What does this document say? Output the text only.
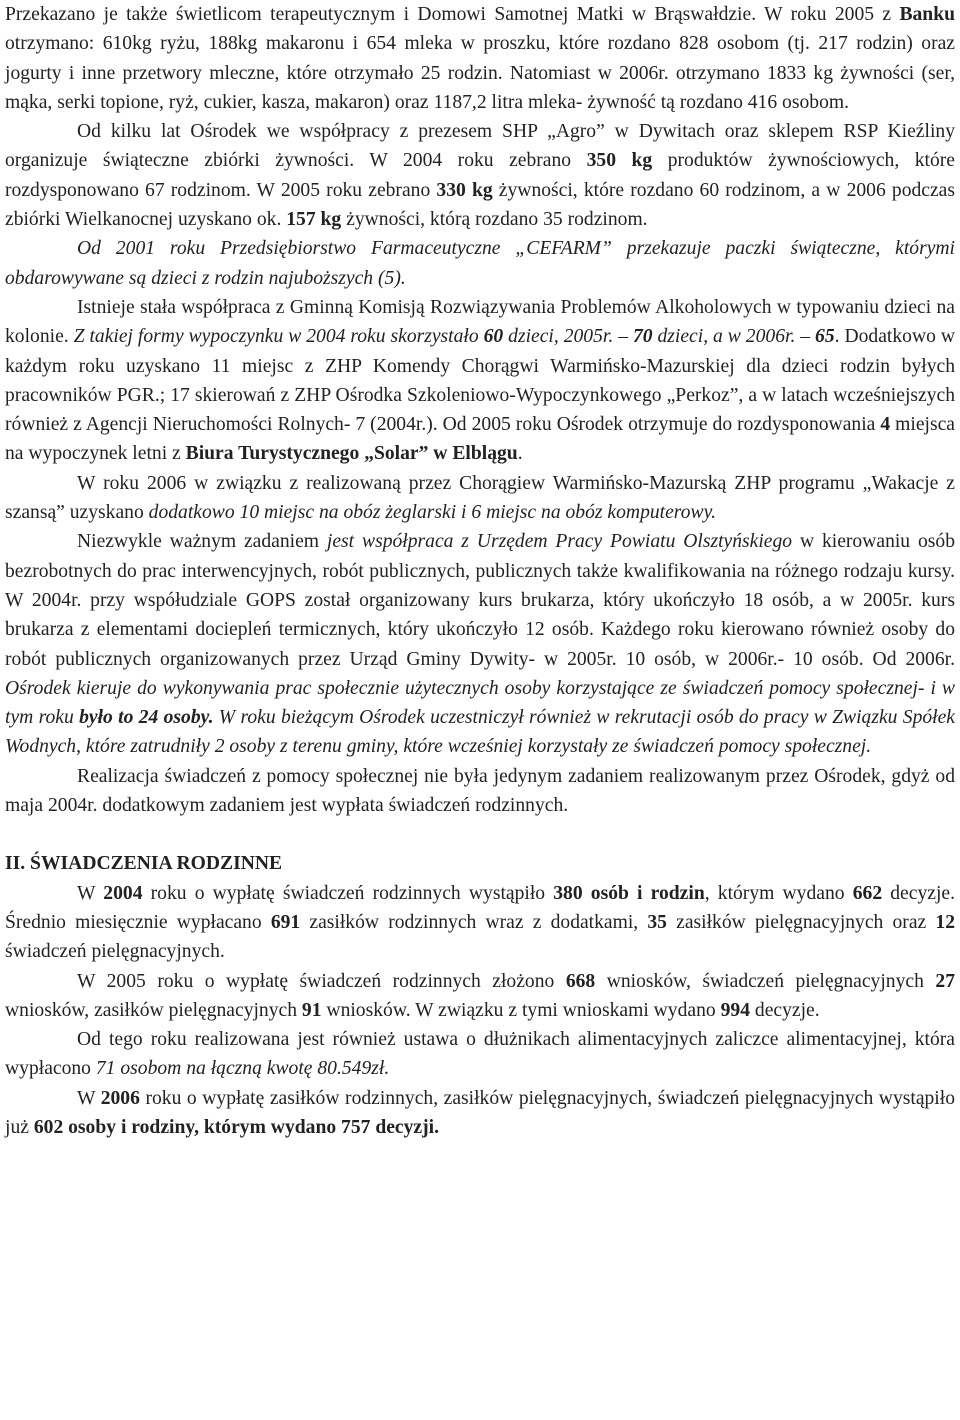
Przekazano je także świetlicom terapeutycznym i Domowi Samotnej Matki w Brąswałdzie. W roku 2005 z Banku otrzymano: 610kg ryżu, 188kg makaronu i 654 mleka w proszku, które rozdano 828 osobom (tj. 217 rodzin) oraz jogurty i inne przetwory mleczne, które otrzymało 25 rodzin. Natomiast w 2006r. otrzymano 1833 kg żywności (ser, mąka, serki topione, ryż, cukier, kasza, makaron) oraz 1187,2 litra mleka- żywność tą rozdano 416 osobom.

Od kilku lat Ośrodek we współpracy z prezesem SHP „Agro” w Dywitach oraz sklepem RSP Kieźliny organizuje świąteczne zbiórki żywności. W 2004 roku zebrano 350 kg produktów żywnościowych, które rozdysponowano 67 rodzinom. W 2005 roku zebrano 330 kg żywności, które rozdano 60 rodzinom, a w 2006 podczas zbiórki Wielkanocnej uzyskano ok. 157 kg żywności, którą rozdano 35 rodzinom.

Od 2001 roku Przedsiębiorstwo Farmaceutyczne „CEFARM” przekazuje paczki świąteczne, którymi obdarowywane są dzieci z rodzin najuboższych (5).

Istnieje stała współpraca z Gminną Komisją Rozwiązywania Problemów Alkoholowych w typowaniu dzieci na kolonie. Z takiej formy wypoczynku w 2004 roku skorzystało 60 dzieci, 2005r. – 70 dzieci, a w 2006r. – 65. Dodatkowo w każdym roku uzyskano 11 miejsc z ZHP Komendy Chorągwi Warmińsko-Mazurskiej dla dzieci rodzin byłych pracowników PGR.; 17 skierowań z ZHP Ośrodka Szkoleniowo-Wypoczynkowego „Perkoz”, a w latach wcześniejszych również z Agencji Nieruchomości Rolnych- 7 (2004r.). Od 2005 roku Ośrodek otrzymuje do rozdysponowania 4 miejsca na wypoczynek letni z Biura Turystycznego „Solar” w Elblągu.

W roku 2006 w związku z realizowaną przez Chorągiew Warmińsko-Mazurską ZHP programu „Wakacje z szansą” uzyskano dodatkowo 10 miejsc na obóz żeglarski i 6 miejsc na obóz komputerowy.

Niezwykle ważnym zadaniem jest współpraca z Urzędem Pracy Powiatu Olsztyńskiego w kierowaniu osób bezrobotnych do prac interwencyjnych, robót publicznych, publicznych także kwalifikowania na różnego rodzaju kursy. W 2004r. przy współudziale GOPS został organizowany kurs brukarza, który ukończyło 18 osób, a w 2005r. kurs brukarza z elementami dociepleń termicznych, który ukończyło 12 osób. Każdego roku kierowano również osoby do robót publicznych organizowanych przez Urząd Gminy Dywity- w 2005r. 10 osób, w 2006r.- 10 osób. Od 2006r. Ośrodek kieruje do wykonywania prac społecznie użytecznych osoby korzystające ze świadczeń pomocy społecznej- i w tym roku było to 24 osoby. W roku bieżącym Ośrodek uczestniczył również w rekrutacji osób do pracy w Związku Spółek Wodnych, które zatrudniły 2 osoby z terenu gminy, które wcześniej korzystały ze świadczeń pomocy społecznej.

Realizacja świadczeń z pomocy społecznej nie była jedynym zadaniem realizowanym przez Ośrodek, gdyż od maja 2004r. dodatkowym zadaniem jest wypłata świadczeń rodzinnych.

II. ŚWIADCZENIA RODZINNE

W 2004 roku o wypłatę świadczeń rodzinnych wystąpiło 380 osób i rodzin, którym wydano 662 decyzje. Średnio miesięcznie wypłacano 691 zasiłków rodzinnych wraz z dodatkami, 35 zasiłków pielęgnacyjnych oraz 12 świadczeń pielęgnacyjnych.

W 2005 roku o wypłatę świadczeń rodzinnych złożono 668 wniosków, świadczeń pielęgnacyjnych 27 wniosków, zasiłków pielęgnacyjnych 91 wniosków. W związku z tymi wnioskami wydano 994 decyzje.

Od tego roku realizowana jest również ustawa o dłużnikach alimentacyjnych zaliczce alimentacyjnej, która wypłacono 71 osobom na łączną kwotę 80.549zł.

W 2006 roku o wypłatę zasiłków rodzinnych, zasiłków pielęgnacyjnych, świadczeń pielęgnacyjnych wystąpiło już 602 osoby i rodziny, którym wydano 757 decyzji.
